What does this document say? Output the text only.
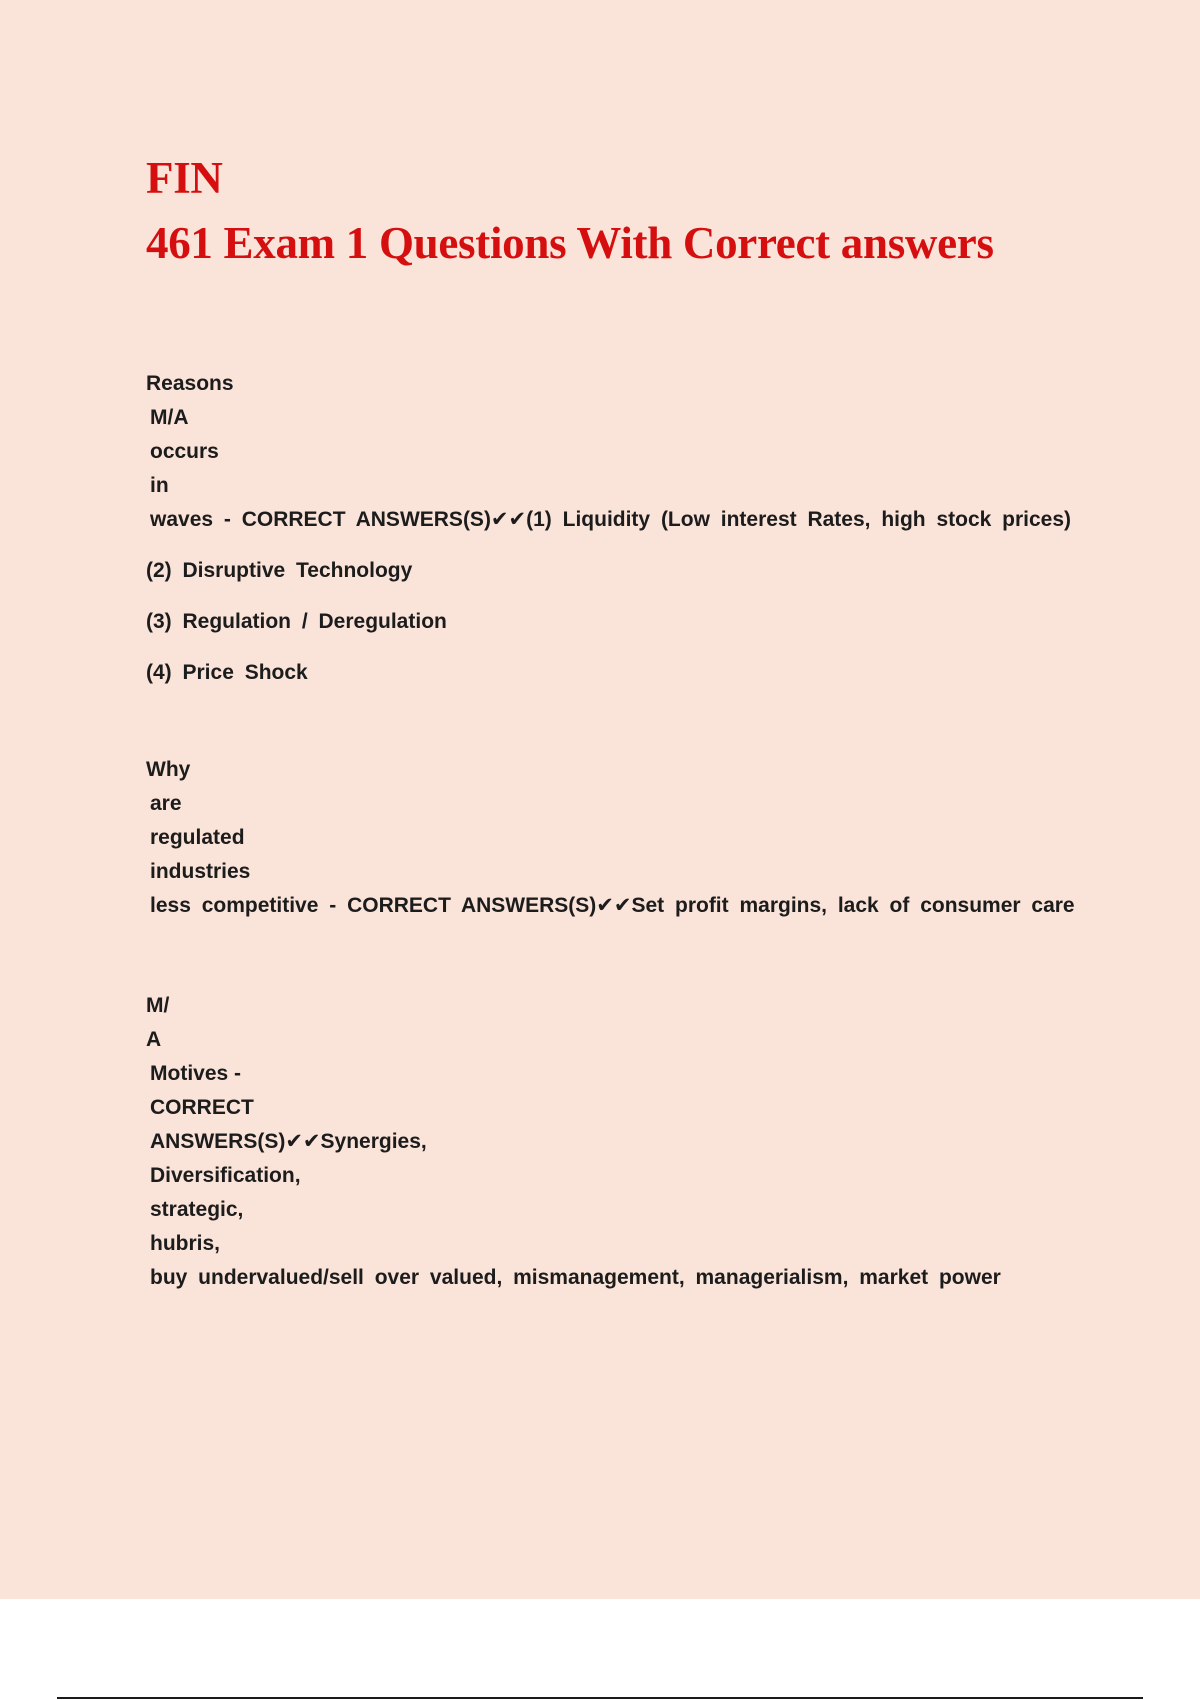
FIN
461 Exam 1 Questions With Correct answers
Reasons
M/A
occurs
in
waves - CORRECT ANSWERS(S)✔✔(1) Liquidity (Low interest Rates, high stock prices)
(2) Disruptive Technology
(3) Regulation / Deregulation
(4) Price Shock
Why
are
regulated
industries
less competitive - CORRECT ANSWERS(S)✔✔Set profit margins, lack of consumer care
M/
A
Motives -
CORRECT
ANSWERS(S)✔✔Synergies,
Diversification,
strategic,
hubris,
buy undervalued/sell over valued, mismanagement, managerialism, market power
